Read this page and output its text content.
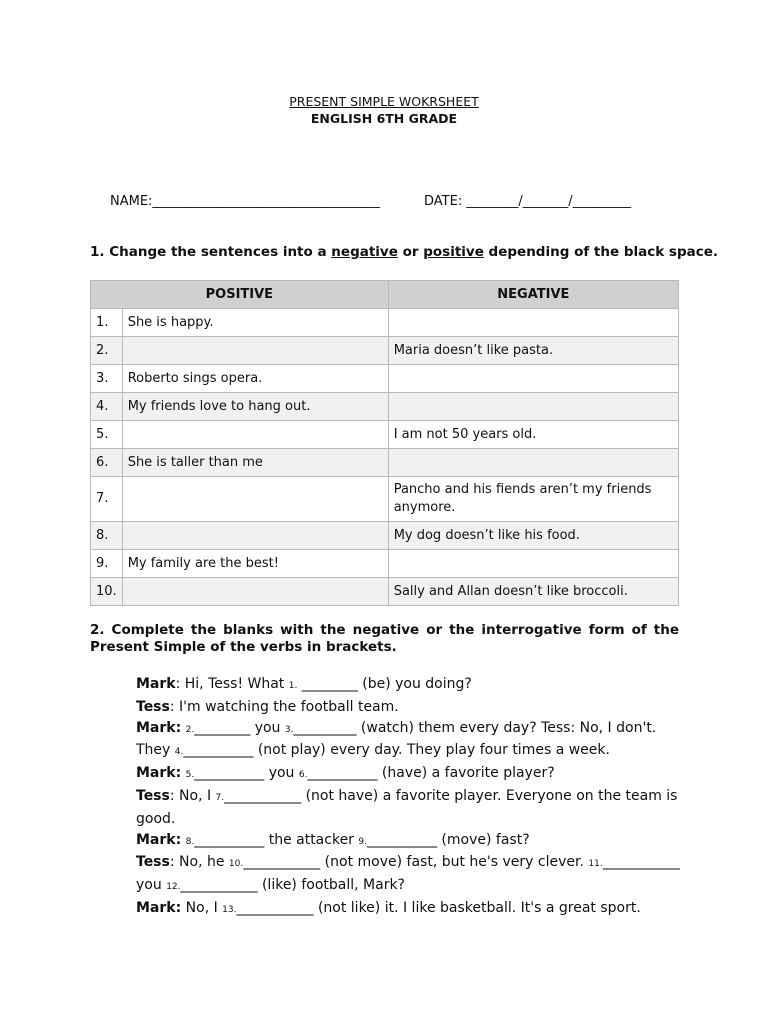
PRESENT SIMPLE WOKRSHEET
ENGLISH 6TH GRADE
NAME:___________________________________	DATE: ________/_______/_________
1. Change the sentences into a negative or positive depending of the black space.
POSITIVE		NEGATIVE
1.	She is happy.	
2.		Maria doesn’t like pasta.
3.	Roberto sings opera.	
4.	My friends love to hang out.	
5.		I am not 50 years old.
6.	She is taller than me	
7.		Pancho and his fiends aren’t my friends anymore.
8.		My dog doesn’t like his food.
9.	My family are the best!	
10.		Sally and Allan doesn’t like broccoli.
2. Complete the blanks with the negative or the interrogative form of the Present Simple of the verbs in brackets.
Mark: Hi, Tess! What 1. ________ (be) you doing?
Tess: I'm watching the football team.
Mark: 2.________ you 3._________ (watch) them every day? Tess: No, I don't.
They 4.__________ (not play) every day. They play four times a week.
Mark: 5.__________ you 6.__________ (have) a favorite player?
Tess: No, I 7.___________ (not have) a favorite player. Everyone on the team is
good.
Mark: 8.__________ the attacker 9.__________ (move) fast?
Tess: No, he 10.___________ (not move) fast, but he's very clever. 11.___________
you 12.___________ (like) football, Mark?
Mark: No, I 13.___________ (not like) it. I like basketball. It's a great sport.
